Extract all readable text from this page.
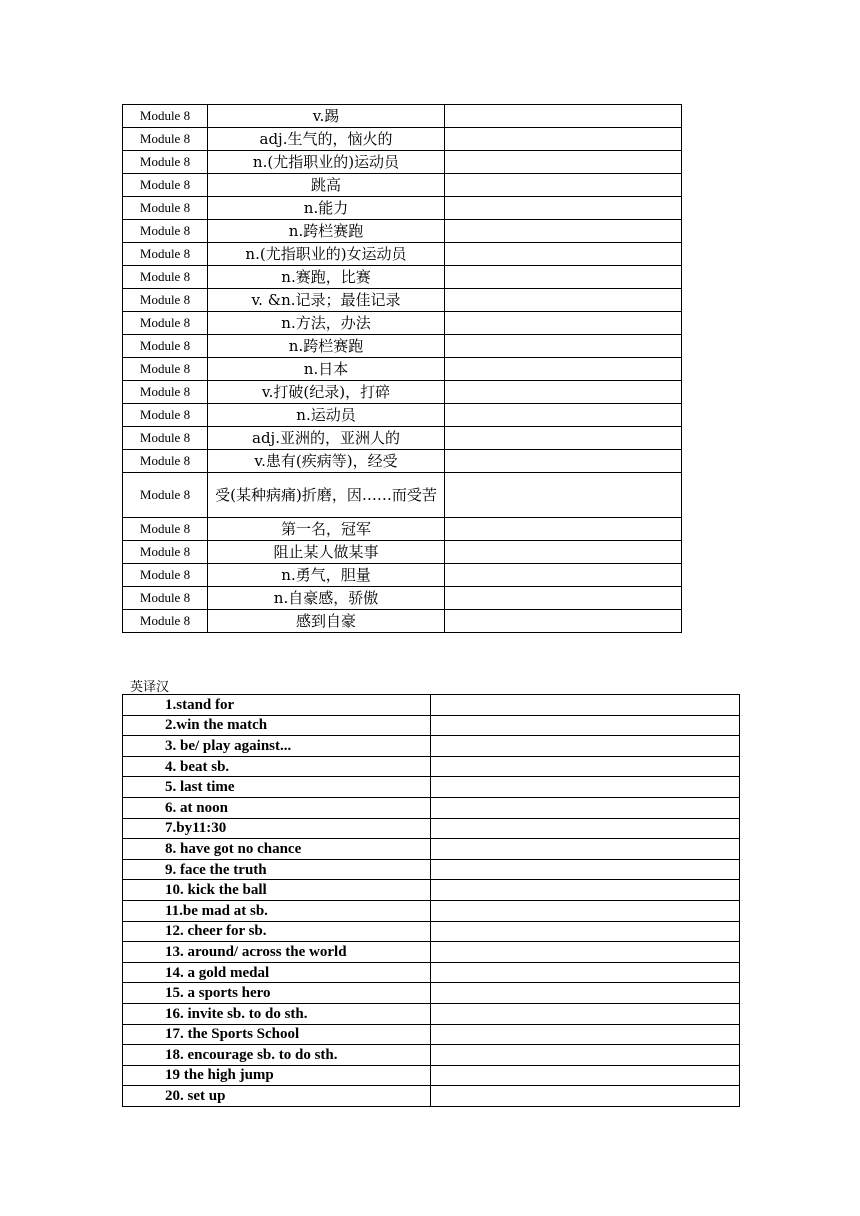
Module 8	v.踢	
Module 8	adj.生气的，恼火的	
Module 8	n.(尤指职业的)运动员	
Module 8	跳高	
Module 8	n.能力	
Module 8	n.跨栏赛跑	
Module 8	n.(尤指职业的)女运动员	
Module 8	n.赛跑，比赛	
Module 8	v. &n.记录；最佳记录	
Module 8	n.方法，办法	
Module 8	n.跨栏赛跑	
Module 8	n.日本	
Module 8	v.打破(纪录)，打碎	
Module 8	n.运动员	
Module 8	adj.亚洲的，亚洲人的	
Module 8	v.患有(疾病等)，经受	
Module 8	受(某种病痛)折磨，因……而受苦	
Module 8	第一名，冠军	
Module 8	阻止某人做某事	
Module 8	n.勇气，胆量	
Module 8	n.自豪感，骄傲	
Module 8	感到自豪	
英译汉
1.stand for	
2.win the match	
3. be/ play against...	
4. beat sb.	
5. last time	
6. at noon	
7.by11:30	
8. have got no chance	
9. face the truth	
10. kick the ball	
11.be mad at sb.	
12. cheer for sb.	
13. around/ across the world	
14. a gold medal	
15. a sports hero	
16. invite sb. to do sth.	
17. the Sports School	
18. encourage sb. to do sth.	
19 the high jump	
20. set up	
